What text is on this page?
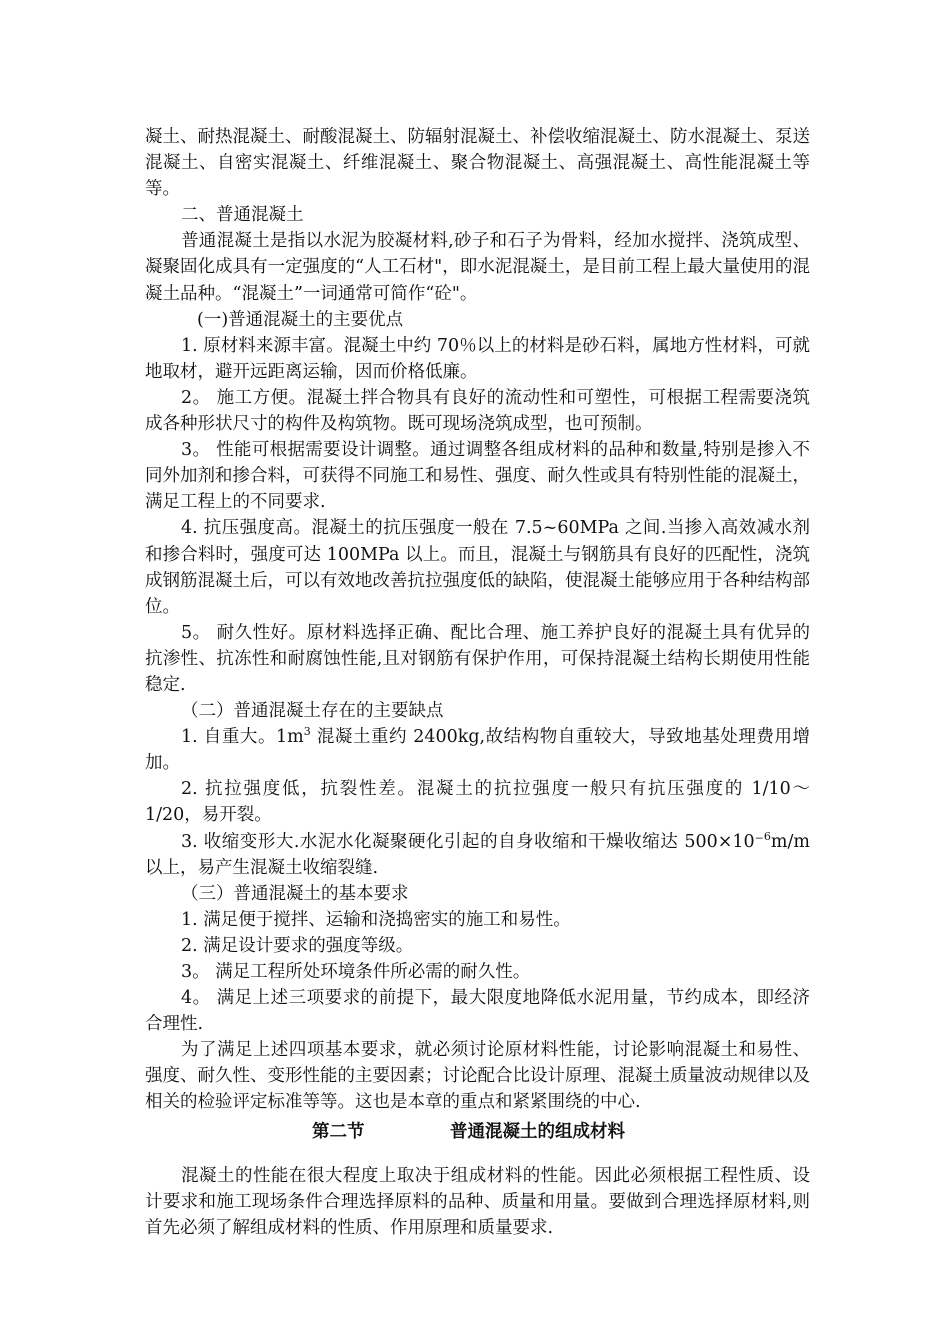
凝土、耐热混凝土、耐酸混凝土、防辐射混凝土、补偿收缩混凝土、防水混凝土、泵送混凝土、自密实混凝土、纤维混凝土、聚合物混凝土、高强混凝土、高性能混凝土等等。

二、普通混凝土

普通混凝土是指以水泥为胶凝材料,砂子和石子为骨料，经加水搅拌、浇筑成型、凝聚固化成具有一定强度的“人工石材"，即水泥混凝土，是目前工程上最大量使用的混凝土品种。“混凝土”一词通常可简作“砼"。

(一)普通混凝土的主要优点

1. 原材料来源丰富。混凝土中约 70％以上的材料是砂石料，属地方性材料，可就地取材，避开远距离运输，因而价格低廉。

2。 施工方便。混凝土拌合物具有良好的流动性和可塑性，可根据工程需要浇筑成各种形状尺寸的构件及构筑物。既可现场浇筑成型，也可预制。

3。 性能可根据需要设计调整。通过调整各组成材料的品种和数量,特别是掺入不同外加剂和掺合料，可获得不同施工和易性、强度、耐久性或具有特别性能的混凝土，满足工程上的不同要求.

4. 抗压强度高。混凝土的抗压强度一般在 7.5~60MPa 之间.当掺入高效减水剂和掺合料时，强度可达 100MPa 以上。而且，混凝土与钢筋具有良好的匹配性，浇筑成钢筋混凝土后，可以有效地改善抗拉强度低的缺陷，使混凝土能够应用于各种结构部位。

5。 耐久性好。原材料选择正确、配比合理、施工养护良好的混凝土具有优异的抗渗性、抗冻性和耐腐蚀性能,且对钢筋有保护作用，可保持混凝土结构长期使用性能稳定.

（二）普通混凝土存在的主要缺点

1. 自重大。$1m^3$ 混凝土重约 2400kg,故结构物自重较大，导致地基处理费用增加。

2. 抗拉强度低，抗裂性差。混凝土的抗拉强度一般只有抗压强度的 1/10～1/20，易开裂。

3. 收缩变形大.水泥水化凝聚硬化引起的自身收缩和干燥收缩达 500×10⁻$^6$m/m 以上，易产生混凝土收缩裂缝.

（三）普通混凝土的基本要求

1. 满足便于搅拌、运输和浇捣密实的施工和易性。

2. 满足设计要求的强度等级。

3。 满足工程所处环境条件所必需的耐久性。

4。 满足上述三项要求的前提下，最大限度地降低水泥用量，节约成本，即经济合理性.

为了满足上述四项基本要求，就必须讨论原材料性能，讨论影响混凝土和易性、强度、耐久性、变形性能的主要因素；讨论配合比设计原理、混凝土质量波动规律以及相关的检验评定标准等等。这也是本章的重点和紧紧围绕的中心.

第二节	普通混凝土的组成材料

混凝土的性能在很大程度上取决于组成材料的性能。因此必须根据工程性质、设计要求和施工现场条件合理选择原料的品种、质量和用量。要做到合理选择原材料,则首先必须了解组成材料的性质、作用原理和质量要求.
